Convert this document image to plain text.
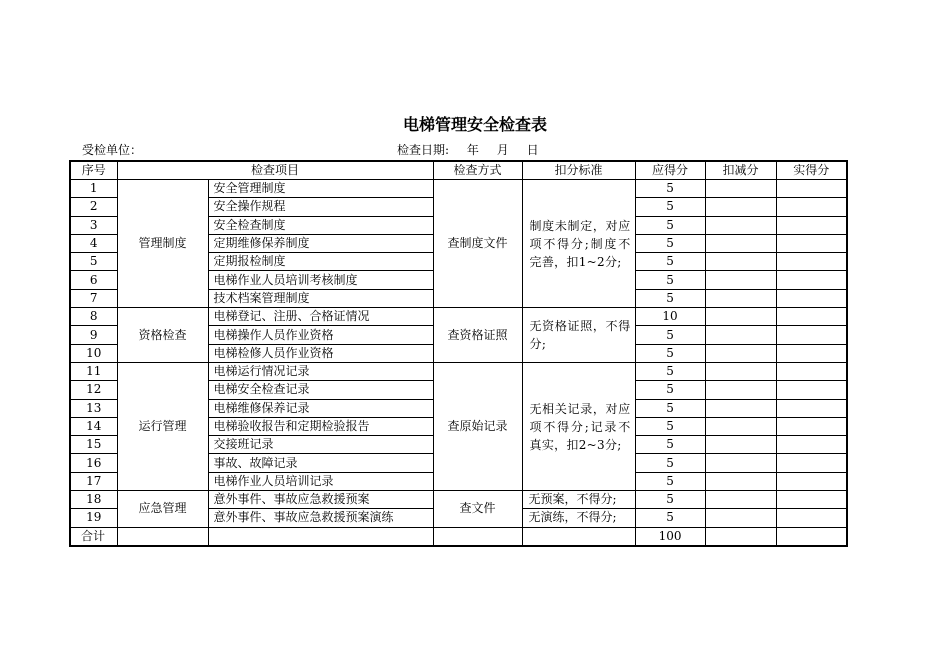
电梯管理安全检查表
受检单位：	检查日期: 年 月 日
序号	检查项目		检查方式	扣分标准	应得分	扣减分	实得分
1	管理制度	安全管理制度	查制度文件	制度未制定，对应项不得分;制度不完善，扣1~2分;	5		
2		安全操作规程			5		
3		安全检查制度			5		
4		定期维修保养制度			5		
5		定期报检制度			5		
6		电梯作业人员培训考核制度			5		
7		技术档案管理制度			5		
8	资格检查	电梯登记、注册、合格证情况	查资格证照	无资格证照，不得分;	10		
9		电梯操作人员作业资格			5		
10		电梯检修人员作业资格			5		
11	运行管理	电梯运行情况记录	查原始记录	无相关记录，对应项不得分;记录不真实，扣2~3分;	5		
12		电梯安全检查记录			5		
13		电梯维修保养记录			5		
14		电梯验收报告和定期检验报告			5		
15		交接班记录			5		
16		事故、故障记录			5		
17		电梯作业人员培训记录			5		
18	应急管理	意外事件、事故应急救援预案	查文件	无预案，不得分;	5		
19		意外事件、事故应急救援预案演练		无演练，不得分;	5		
合计					100		
